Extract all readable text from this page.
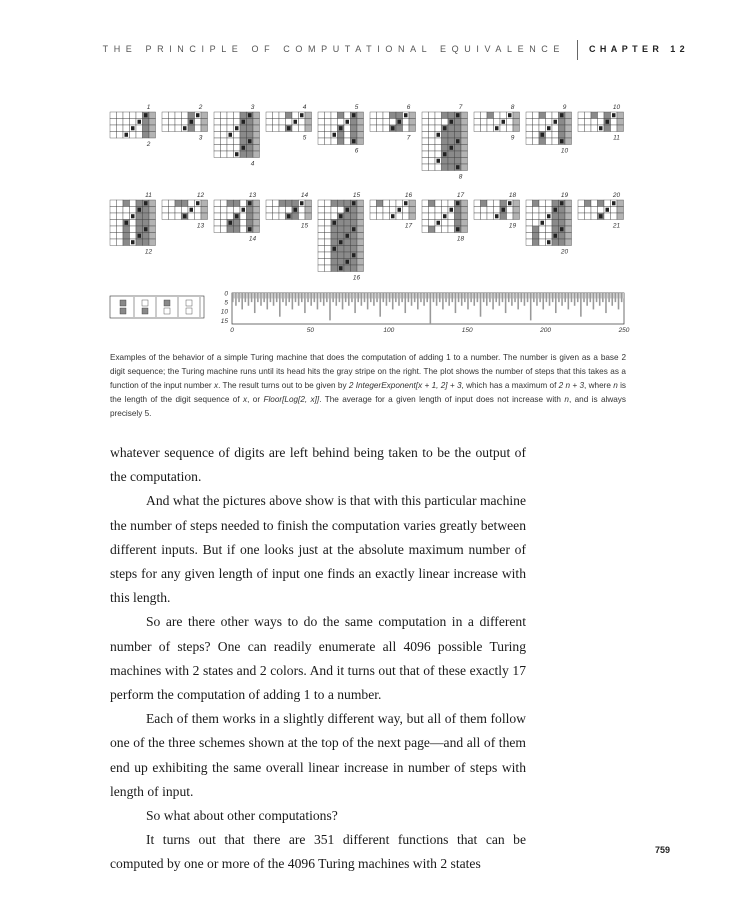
THE PRINCIPLE OF COMPUTATIONAL EQUIVALENCE	CHAPTER 12
1
2
2
3
3
4
4
5
5
6
6
7
7
8
8
9
9
10
10
11
11
12
12
13
13
14
14
15
15
16
16
17
17
18
18
19
19
20
20
21
0	50	100	150	200	250
0
5
10
15

Examples of the behavior of a simple Turing machine that does the computation of adding 1 to a number. The number is given as a base 2 digit sequence; the Turing machine runs until its head hits the gray stripe on the right. The plot shows the number of steps that this takes as a function of the input number x. The result turns out to be given by 2 IntegerExponent[x + 1, 2] + 3, which has a maximum of 2 n + 3, where n is the length of the digit sequence of x, or Floor[Log[2, x]]. The average for a given length of input does not increase with n, and is always precisely 5.

whatever sequence of digits are left behind being taken to be the output of the computation.

And what the pictures above show is that with this particular machine the number of steps needed to finish the computation varies greatly between different inputs. But if one looks just at the absolute maximum number of steps for any given length of input one finds an exactly linear increase with this length.

So are there other ways to do the same computation in a different number of steps? One can readily enumerate all 4096 possible Turing machines with 2 states and 2 colors. And it turns out that of these exactly 17 perform the computation of adding 1 to a number.

Each of them works in a slightly different way, but all of them follow one of the three schemes shown at the top of the next page—and all of them end up exhibiting the same overall linear increase in number of steps with length of input.

So what about other computations?

It turns out that there are 351 different functions that can be computed by one or more of the 4096 Turing machines with 2 states

759
